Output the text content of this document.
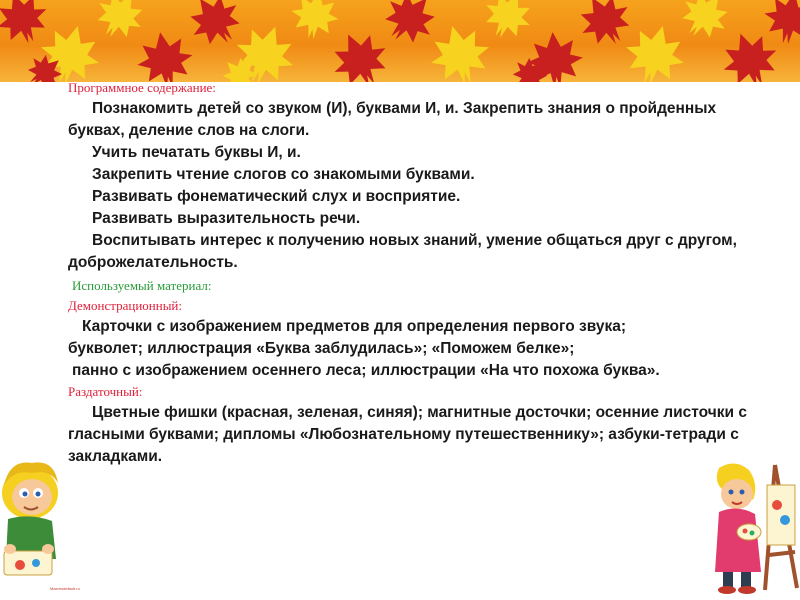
Программное содержание:

Познакомить детей со звуком (И), буквами И, и. Закрепить знания о пройденных буквах, деление слов на слоги.

Учить печатать буквы И, и.

Закрепить чтение слогов со знакомыми буквами.

Развивать фонематический слух и восприятие.

Развивать выразительность речи.

Воспитывать интерес к получению новых знаний, умение общаться друг с другом, доброжелательность.

Используемый материал:

Демонстрационный:

Карточки с изображением предметов для определения первого звука;

букволет; иллюстрация «Буква заблудилась»; «Поможем белке»;

панно с изображением осеннего леса; иллюстрации «На что похожа буква».

Раздаточный:

Цветные фишки (красная, зеленая, синяя); магнитные досточки; осенние листочки с гласными буквами; дипломы «Любознательному путешественнику»; азбуки-тетради с закладками.

Maxresdefault.ru
